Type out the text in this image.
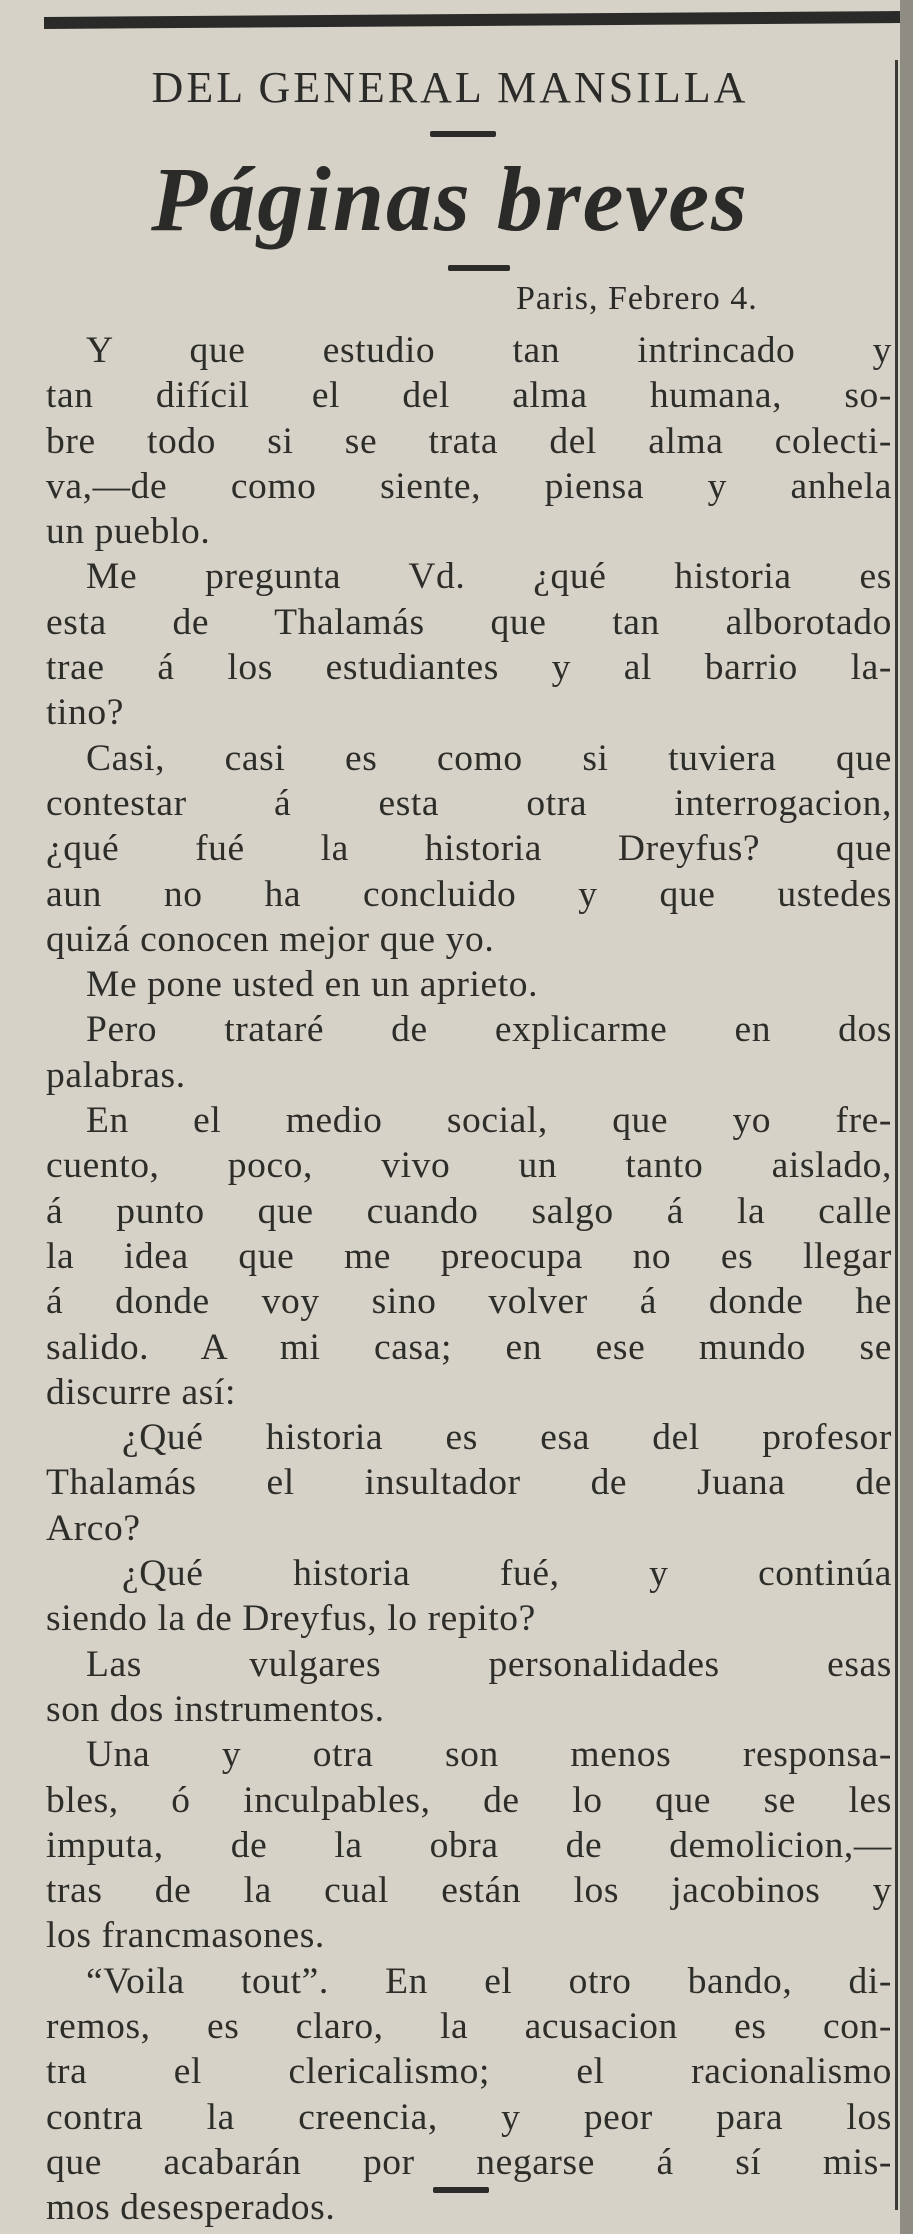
DEL GENERAL MANSILLA
Páginas breves
Paris, Febrero 4.
Y que estudio tan intrincado y
tan difícil el del alma humana, so-
bre todo si se trata del alma colecti-
va,—de como siente, piensa y anhela
un pueblo.
Me pregunta Vd. ¿qué historia es
esta de Thalamás que tan alborotado
trae á los estudiantes y al barrio la-
tino?
Casi, casi es como si tuviera que
contestar á esta otra interrogacion,
¿qué fué la historia Dreyfus? que
aun no ha concluido y que ustedes
quizá conocen mejor que yo.
Me pone usted en un aprieto.
Pero trataré de explicarme en dos
palabras.
En el medio social, que yo fre-
cuento, poco, vivo un tanto aislado,
á punto que cuando salgo á la calle
la idea que me preocupa no es llegar
á donde voy sino volver á donde he
salido. A mi casa; en ese mundo se
discurre así:
¿Qué historia es esa del profesor
Thalamás el insultador de Juana de
Arco?
¿Qué historia fué, y continúa
siendo la de Dreyfus, lo repito?
Las vulgares personalidades esas
son dos instrumentos.
Una y otra son menos responsa-
bles, ó inculpables, de lo que se les
imputa, de la obra de demolicion,—
tras de la cual están los jacobinos y
los francmasones.
“Voila tout”. En el otro bando, di-
remos, es claro, la acusacion es con-
tra el clericalismo; el racionalismo
contra la creencia, y peor para los
que acabarán por negarse á sí mis-
mos desesperados.
